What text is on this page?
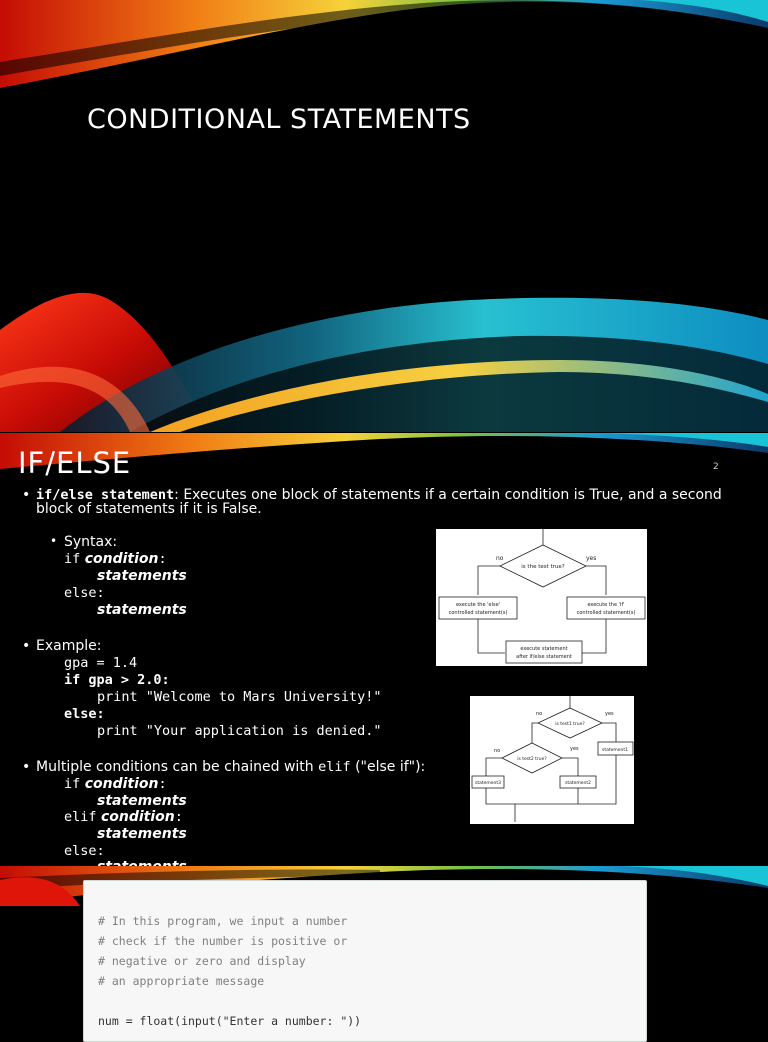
CONDITIONAL STATEMENTS
IF/ELSE	2
• if/else statement: Executes one block of statements if a certain condition is True, and a second
block of statements if it is False.
• Syntax:
if condition:
statements
else:
statements
• Example:
gpa = 1.4
if gpa > 2.0:
print "Welcome to Mars University!"
else:
print "Your application is denied."
• Multiple conditions can be chained with elif ("else if"):
if condition:
statements
elif condition:
statements
else:
no	yes
is the test true?
execute the 'else'
controlled statement(s)
execute the 'if'
controlled statement(s)
execute statement
after if/else statement
no	yes
is test1 true?
no	yes
is test2 true?
statement1
statement2
statement3
# In this program, we input a number
# check if the number is positive or
# negative or zero and display
# an appropriate message
num = float(input("Enter a number: "))
